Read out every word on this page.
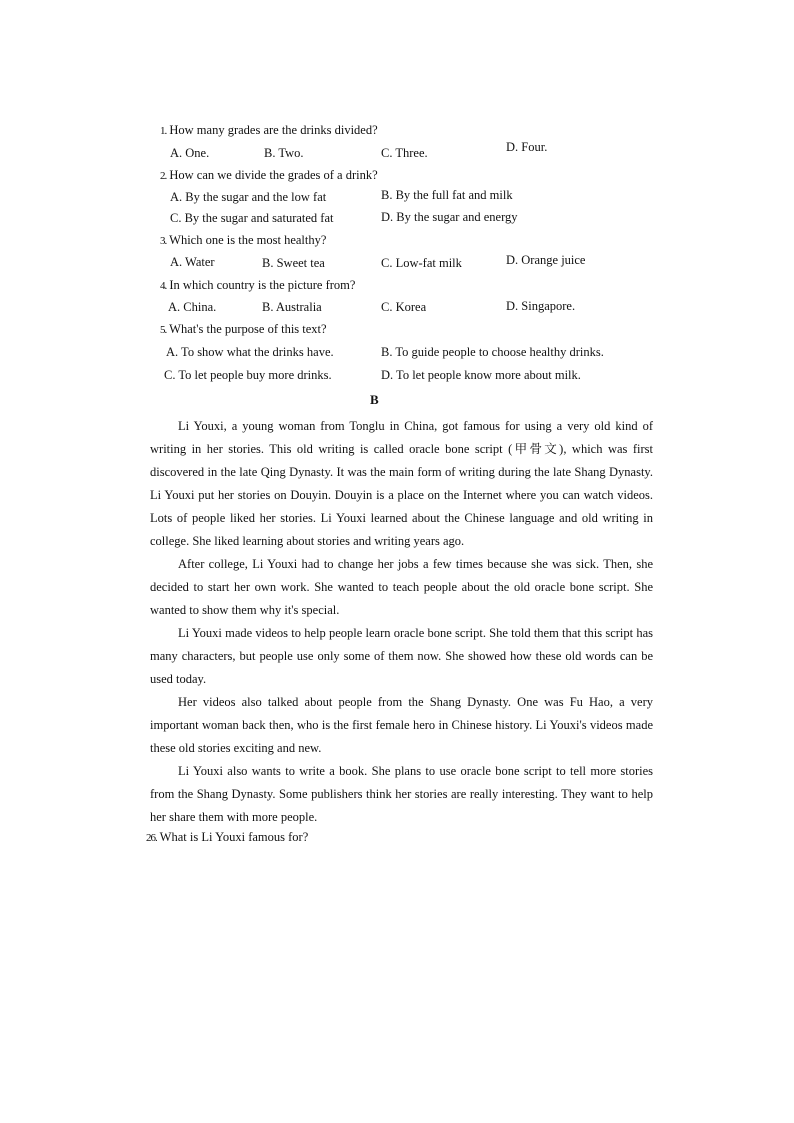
1. How many grades are the drinks divided?
A. One.	B. Two.	C. Three.	D. Four.
2. How can we divide the grades of a drink?
A. By the sugar and the low fat	B. By the full fat and milk
C. By the sugar and saturated fat	D. By the sugar and energy
3. Which one is the most healthy?
A. Water	B. Sweet tea	C. Low-fat milk	D. Orange juice
4. In which country is the picture from?
A. China.	B. Australia	C. Korea	D. Singapore.
5. What's the purpose of this text?
A. To show what the drinks have.	B. To guide people to choose healthy drinks.
C. To let people buy more drinks.	D. To let people know more about milk.
B
Li Youxi, a young woman from Tonglu in China, got famous for using a very old kind of writing in her stories. This old writing is called oracle bone script (甲骨文), which was first discovered in the late Qing Dynasty. It was the main form of writing during the late Shang Dynasty. Li Youxi put her stories on Douyin. Douyin is a place on the Internet where you can watch videos. Lots of people liked her stories. Li Youxi learned about the Chinese language and old writing in college. She liked learning about stories and writing years ago.
After college, Li Youxi had to change her jobs a few times because she was sick. Then, she decided to start her own work. She wanted to teach people about the old oracle bone script. She wanted to show them why it's special.
Li Youxi made videos to help people learn oracle bone script. She told them that this script has many characters, but people use only some of them now. She showed how these old words can be used today.
Her videos also talked about people from the Shang Dynasty. One was Fu Hao, a very important woman back then, who is the first female hero in Chinese history. Li Youxi's videos made these old stories exciting and new.
Li Youxi also wants to write a book. She plans to use oracle bone script to tell more stories from the Shang Dynasty. Some publishers think her stories are really interesting. They want to help her share them with more people.
26. What is Li Youxi famous for?
